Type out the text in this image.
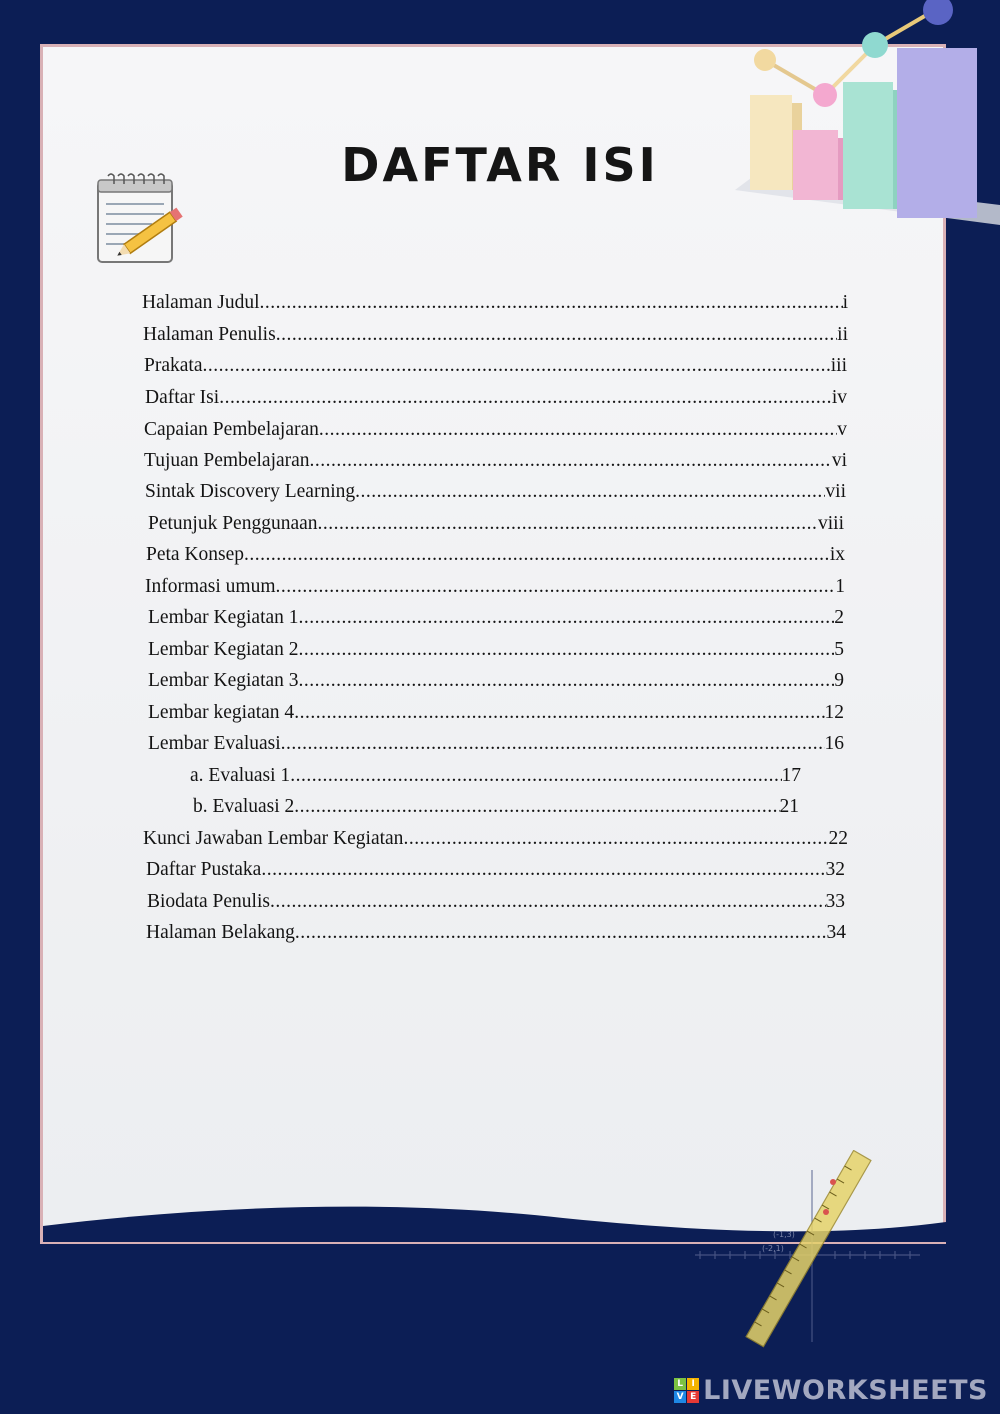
DAFTAR ISI
Halaman Judul .....	i
Halaman Penulis .....	ii
Prakata .....	iii
Daftar Isi .....	iv
Capaian Pembelajaran .....	v
Tujuan Pembelajaran .....	vi
Sintak Discovery Learning .....	vii
Petunjuk Penggunaan .....	viii
Peta Konsep .....	ix
Informasi umum .....	1
Lembar Kegiatan 1 .....	2
Lembar Kegiatan 2 .....	5
Lembar Kegiatan 3 .....	9
Lembar kegiatan 4 .....	12
Lembar Evaluasi .....	16
a. Evaluasi 1 .....	17
b. Evaluasi 2 .....	21
Kunci Jawaban Lembar Kegiatan .....	22
Daftar Pustaka .....	32
Biodata Penulis .....	33
Halaman Belakang .....	34
(-1,3)
(-2,1)
L I
V E LIVEWORKSHEETS
